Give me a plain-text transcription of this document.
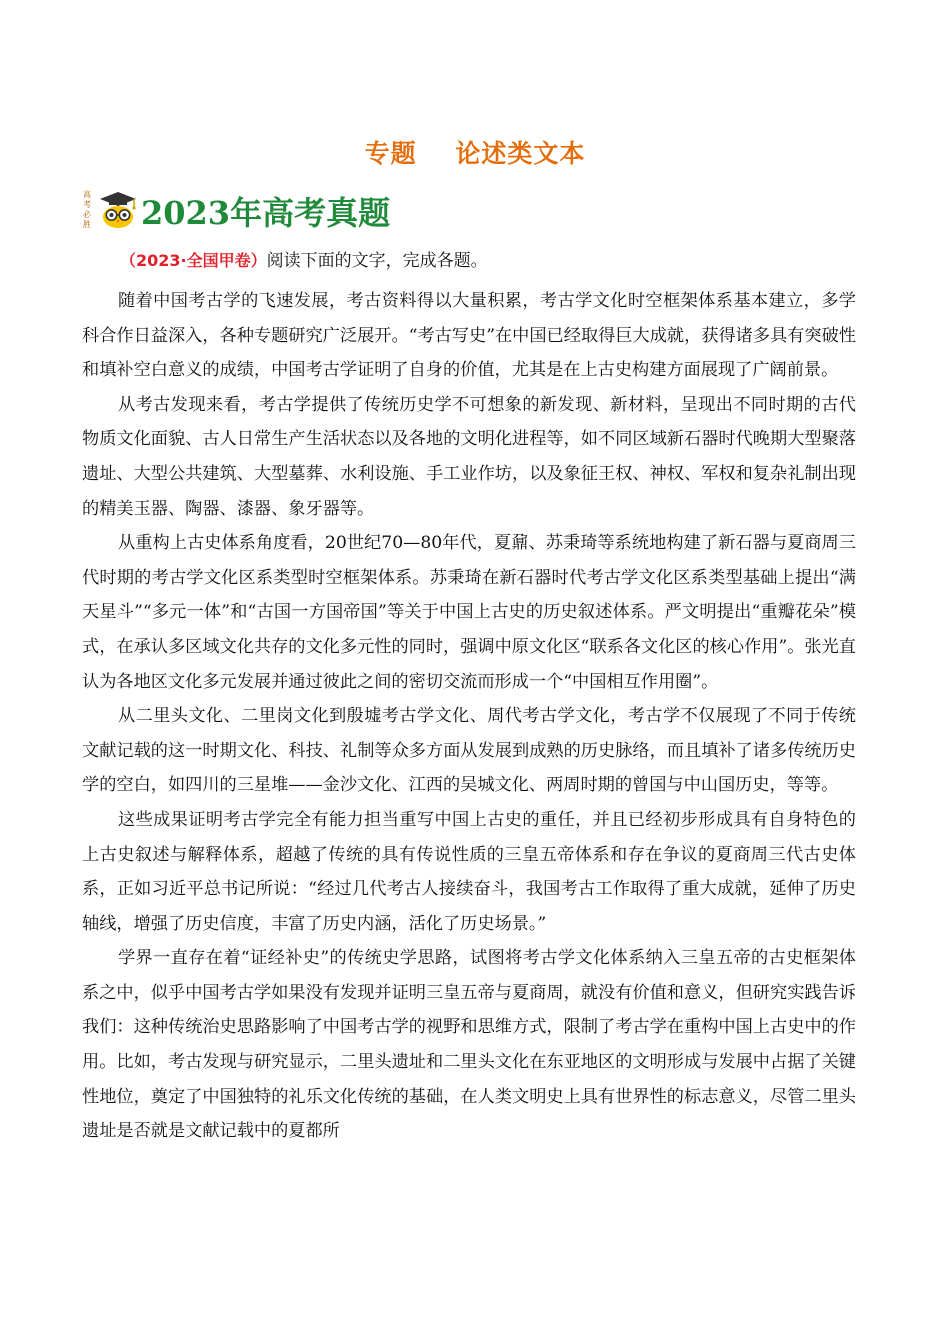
专题    论述类文本
高考必胜 2023年高考真题
（2023·全国甲卷）阅读下面的文字，完成各题。

随着中国考古学的飞速发展，考古资料得以大量积累，考古学文化时空框架体系基本建立，多学科合作日益深入，各种专题研究广泛展开。“考古写史”在中国已经取得巨大成就，获得诸多具有突破性和填补空白意义的成绩，中国考古学证明了自身的价值，尤其是在上古史构建方面展现了广阔前景。

从考古发现来看，考古学提供了传统历史学不可想象的新发现、新材料，呈现出不同时期的古代物质文化面貌、古人日常生产生活状态以及各地的文明化进程等，如不同区域新石器时代晚期大型聚落遗址、大型公共建筑、大型墓葬、水利设施、手工业作坊，以及象征王权、神权、军权和复杂礼制出现的精美玉器、陶器、漆器、象牙器等。

从重构上古史体系角度看，20世纪70—80年代，夏鼐、苏秉琦等系统地构建了新石器与夏商周三代时期的考古学文化区系类型时空框架体系。苏秉琦在新石器时代考古学文化区系类型基础上提出“满天星斗”“多元一体”和“古国一方国帝国”等关于中国上古史的历史叙述体系。严文明提出“重瓣花朵”模式，在承认多区域文化共存的文化多元性的同时，强调中原文化区“联系各文化区的核心作用”。张光直认为各地区文化多元发展并通过彼此之间的密切交流而形成一个“中国相互作用圈”。

从二里头文化、二里岗文化到殷墟考古学文化、周代考古学文化，考古学不仅展现了不同于传统文献记载的这一时期文化、科技、礼制等众多方面从发展到成熟的历史脉络，而且填补了诸多传统历史学的空白，如四川的三星堆——金沙文化、江西的吴城文化、两周时期的曾国与中山国历史，等等。

这些成果证明考古学完全有能力担当重写中国上古史的重任，并且已经初步形成具有自身特色的上古史叙述与解释体系，超越了传统的具有传说性质的三皇五帝体系和存在争议的夏商周三代古史体系，正如习近平总书记所说：“经过几代考古人接续奋斗，我国考古工作取得了重大成就，延伸了历史轴线，增强了历史信度，丰富了历史内涵，活化了历史场景。”

学界一直存在着“证经补史”的传统史学思路，试图将考古学文化体系纳入三皇五帝的古史框架体系之中，似乎中国考古学如果没有发现并证明三皇五帝与夏商周，就没有价值和意义，但研究实践告诉我们：这种传统治史思路影响了中国考古学的视野和思维方式，限制了考古学在重构中国上古史中的作用。比如，考古发现与研究显示，二里头遗址和二里头文化在东亚地区的文明形成与发展中占据了关键性地位，奠定了中国独特的礼乐文化传统的基础，在人类文明史上具有世界性的标志意义，尽管二里头遗址是否就是文献记载中的夏都所
